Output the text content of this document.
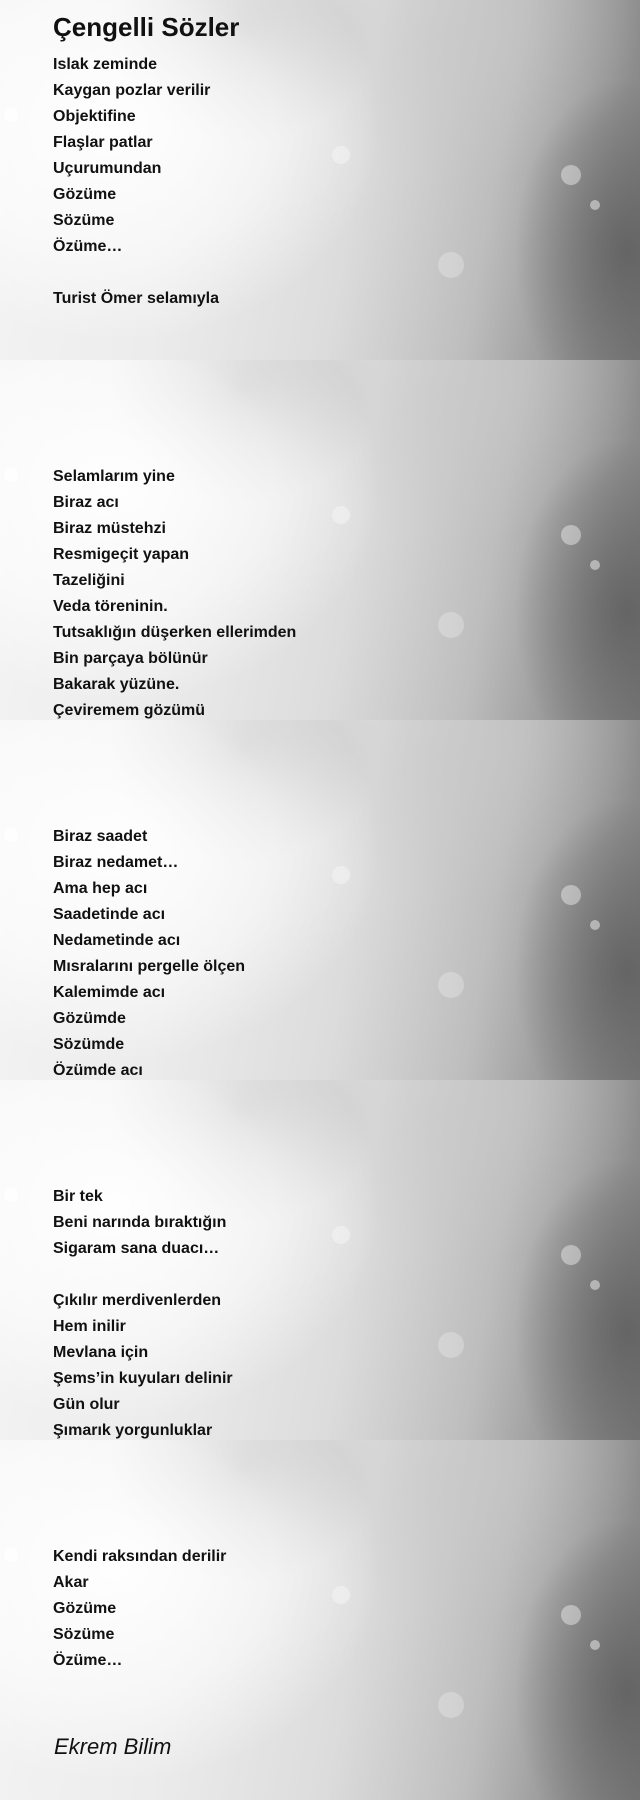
Çengelli Sözler
Islak zeminde
Kaygan pozlar verilir
Objektifine
Flaşlar patlar
Uçurumundan
Gözüme
Sözüme
Özüme…
Turist Ömer selamıyla
Selamlarım yine
Biraz acı
Biraz müstehzi
Resmigeçit yapan
Tazeliğini
Veda töreninin.
Tutsaklığın düşerken ellerimden
Bin parçaya bölünür
Bakarak yüzüne.
Çeviremem gözümü
Biraz saadet
Biraz nedamet…
Ama hep acı
Saadetinde acı
Nedametinde acı
Mısralarını pergelle ölçen
Kalemimde acı
Gözümde
Sözümde
Özümde acı
Bir tek
Beni narında bıraktığın
Sigaram sana duacı…
Çıkılır merdivenlerden
Hem inilir
Mevlana için
Şems’in kuyuları delinir
Gün olur
Şımarık yorgunluklar
Kendi raksından derilir
Akar
Gözüme
Sözüme
Özüme…
Ekrem Bilim
